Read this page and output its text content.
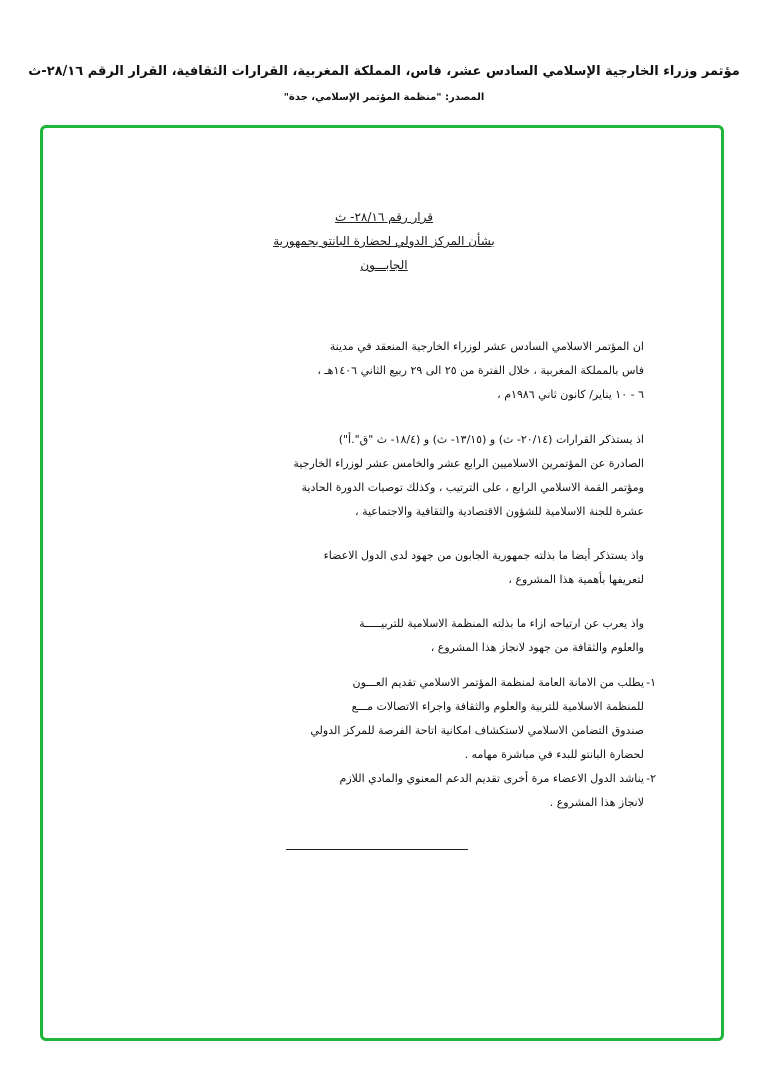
مؤتمر وزراء الخارجية الإسلامي السادس عشر، فاس، المملكة المغربية، القرارات الثقافية، القرار الرقم ٢٨/١٦-ث
المصدر: "منظمة المؤتمر الإسلامي، جدة"
قرار رقم ٢٨/١٦- ث
بشأن المركز الدولي لحضارة البانتو بجمهورية
الجابـــون
ان المؤتمر الاسلامي السادس عشر لوزراء الخارجية المنعقد في مدينة
فاس بالمملكة المغربية ، خلال الفترة من ٢٥ الى ٢٩ ربيع الثاني ١٤٠٦هـ ،
٦ - ١٠ يناير/ كانون ثاني ١٩٨٦م ،
اذ يستذكر القرارات (٢٠/١٤- ث) و (١٣/١٥- ث) و (١٨/٤- ث "ق".أ")
الصادرة عن المؤتمرين الاسلاميين الرابع عشر والخامس عشر لوزراء الخارجية
ومؤتمر القمة الاسلامي الرابع ، على الترتيب ، وكذلك توصيات الدورة الحادية
عشرة للجنة الاسلامية للشؤون الاقتصادية والثقافية والاجتماعية ،
واذ يستذكر أيضا ما بذلته جمهورية الجابون من جهود لدى الدول الاعضاء
لتعريفها بأهمية هذا المشروع ،
واذ يعرب عن ارتياحه ازاء ما بذلته المنظمة الاسلامية للتربيـــــة
والعلوم والثقافة من جهود لانجاز هذا المشروع ،
١-
يطلب من الامانة العامة لمنظمة المؤتمر الاسلامي تقديم العـــون
للمنظمة الاسلامية للتربية والعلوم والثقافة واجراء الاتصالات مـــع
صندوق التضامن الاسلامي لاستكشاف امكانية اتاحة الفرصة للمركز الدولي
لحضارة البانتو للبدء في مباشرة مهامه .
٢-
يناشد الدول الاعضاء مرة أخرى تقديم الدعم المعنوي والمادي اللازم
لانجاز هذا المشروع .
